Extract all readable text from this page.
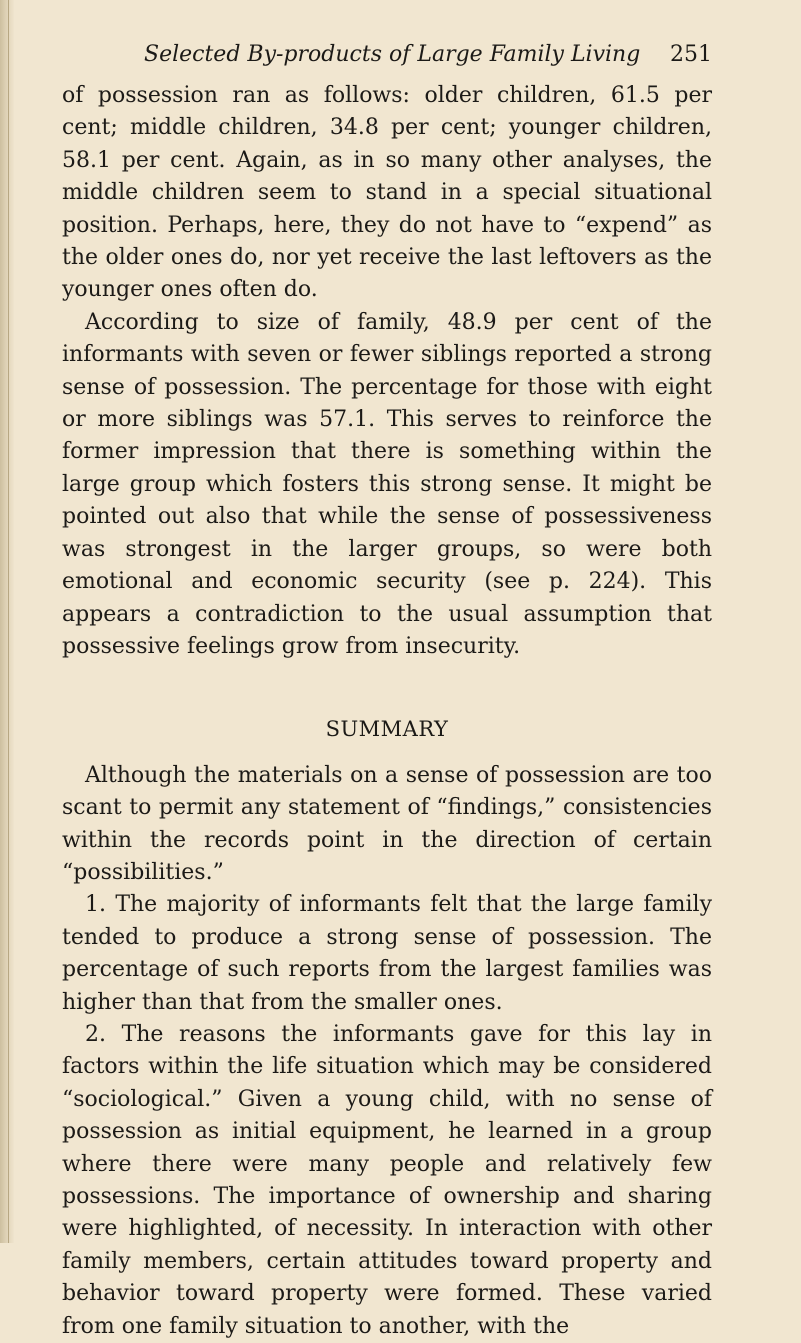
Selected By-products of Large Family Living 251

of possession ran as follows: older children, 61.5 per cent; middle children, 34.8 per cent; younger children, 58.1 per cent. Again, as in so many other analyses, the middle children seem to stand in a special situational position. Perhaps, here, they do not have to “expend” as the older ones do, nor yet receive the last leftovers as the younger ones often do.

According to size of family, 48.9 per cent of the informants with seven or fewer siblings reported a strong sense of possession. The percentage for those with eight or more siblings was 57.1. This serves to reinforce the former impression that there is something within the large group which fosters this strong sense. It might be pointed out also that while the sense of possessiveness was strongest in the larger groups, so were both emotional and economic security (see p. 224). This appears a contradiction to the usual assumption that possessive feelings grow from insecurity.

SUMMARY

Although the materials on a sense of possession are too scant to permit any statement of “findings,” consistencies within the records point in the direction of certain “possibilities.”

1. The majority of informants felt that the large family tended to produce a strong sense of possession. The percentage of such reports from the largest families was higher than that from the smaller ones.

2. The reasons the informants gave for this lay in factors within the life situation which may be considered “sociological.” Given a young child, with no sense of possession as initial equipment, he learned in a group where there were many people and relatively few possessions. The importance of ownership and sharing were highlighted, of necessity. In interaction with other family members, certain attitudes toward property and behavior toward property were formed. These varied from one family situation to another, with the
